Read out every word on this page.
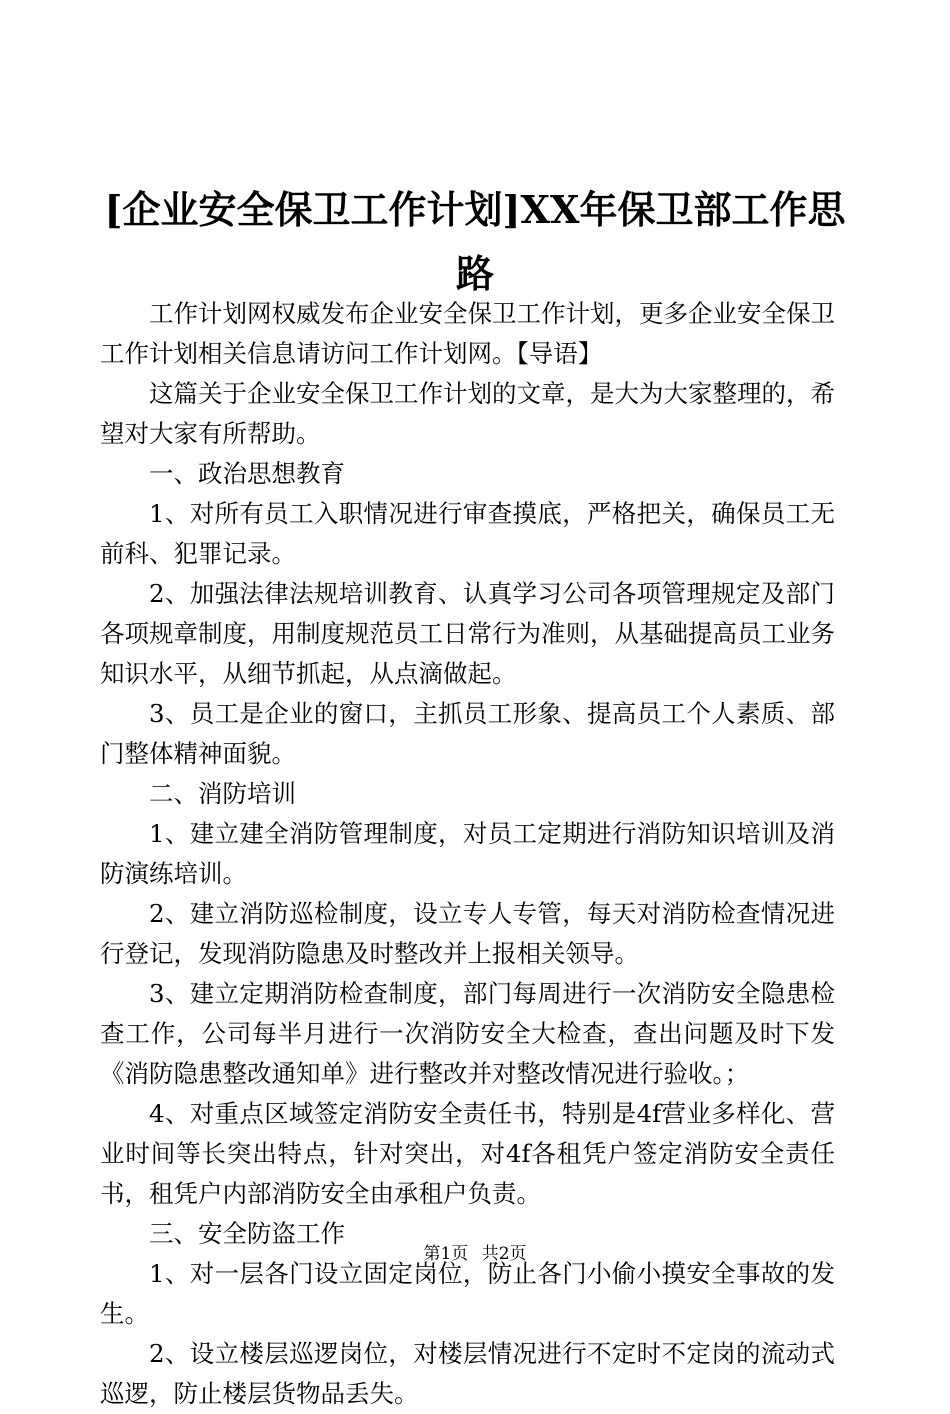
[企业安全保卫工作计划]XX年保卫部工作思路

工作计划网权威发布企业安全保卫工作计划，更多企业安全保卫工作计划相关信息请访问工作计划网。【导语】

这篇关于企业安全保卫工作计划的文章，是大为大家整理的，希望对大家有所帮助。

一、政治思想教育

1、对所有员工入职情况进行审查摸底，严格把关，确保员工无前科、犯罪记录。

2、加强法律法规培训教育、认真学习公司各项管理规定及部门各项规章制度，用制度规范员工日常行为准则，从基础提高员工业务知识水平，从细节抓起，从点滴做起。

3、员工是企业的窗口，主抓员工形象、提高员工个人素质、部门整体精神面貌。

二、消防培训

1、建立建全消防管理制度，对员工定期进行消防知识培训及消防演练培训。

2、建立消防巡检制度，设立专人专管，每天对消防检查情况进行登记，发现消防隐患及时整改并上报相关领导。

3、建立定期消防检查制度，部门每周进行一次消防安全隐患检查工作，公司每半月进行一次消防安全大检查，查出问题及时下发《消防隐患整改通知单》进行整改并对整改情况进行验收。；

4、对重点区域签定消防安全责任书，特别是4f营业多样化、营业时间等长突出特点，针对突出，对4f各租凭户签定消防安全责任书，租凭户内部消防安全由承租户负责。

三、安全防盗工作

1、对一层各门设立固定岗位，防止各门小偷小摸安全事故的发生。

2、设立楼层巡逻岗位，对楼层情况进行不定时不定岗的流动式巡逻，防止楼层货物品丢失。

第1页 共2页
